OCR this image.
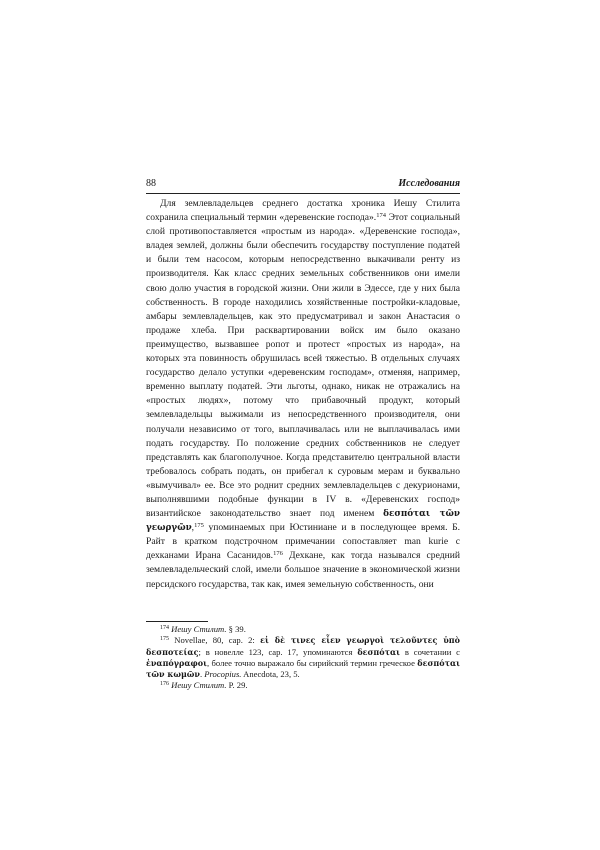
88	Исследования

Для землевладельцев среднего достатка хроника Иешу Стилита сохранила специальный термин «деревенские господа».$^{174}$ Этот социальный слой противопоставляется «простым из народа». «Деревенские господа», владея землей, должны были обеспечить государству поступление податей и были тем насосом, которым непосредственно выкачивали ренту из производителя. Как класс средних земельных собственников они имели свою долю участия в городской жизни. Они жили в Эдессе, где у них была собственность. В городе находились хозяйственные постройки-кладовые, амбары землевладельцев, как это предусматривал и закон Анастасия о продаже хлеба. При расквартировании войск им было оказано преимущество, вызвавшее ропот и протест «простых из народа», на которых эта повинность обрушилась всей тяжестью. В отдельных случаях государство делало уступки «деревенским господам», отменяя, например, временно выплату податей. Эти льготы, однако, никак не отражались на «простых людях», потому что прибавочный продукт, который землевладельцы выжимали из непосредственного производителя, они получали независимо от того, выплачивалась или не выплачивалась ими подать государству. По положение средних собственников не следует представлять как благополучное. Когда представителю центральной власти требовалось собрать подать, он прибегал к суровым мерам и буквально «вымучивал» ее. Все это роднит средних землевладельцев с декурионами, выполнявшими подобные функции в IV в. «Деревенских господ» византийское законодательство знает под именем δεσπόται τῶν γεωργῶν,$^{175}$ упоминаемых при Юстиниане и в последующее время. Б. Райт в кратком подстрочном примечании сопоставляет man kurie с дехканами Ирана Сасанидов.$^{176}$ Дехкане, как тогда назывался средний землевладельческий слой, имели большое значение в экономической жизни персидского государства, так как, имея земельную собственность, они

$^{174}$ Иешу Стилит. § 39.

$^{175}$ Novellae, 80, cap. 2: εἰ δὲ τινες εἶεν γεωργοὶ τελοῦντες ὑπὸ δεσποτείας; в новелле 123, cap. 17, упоминаются δεσπόται в сочетании с ἐναπόγραφοι, более точно выражало бы сирийский термин греческое δεσπόται τῶν κωμῶν. Procopius. Anecdota, 23, 5.

$^{176}$ Иешу Стилит. P. 29.
